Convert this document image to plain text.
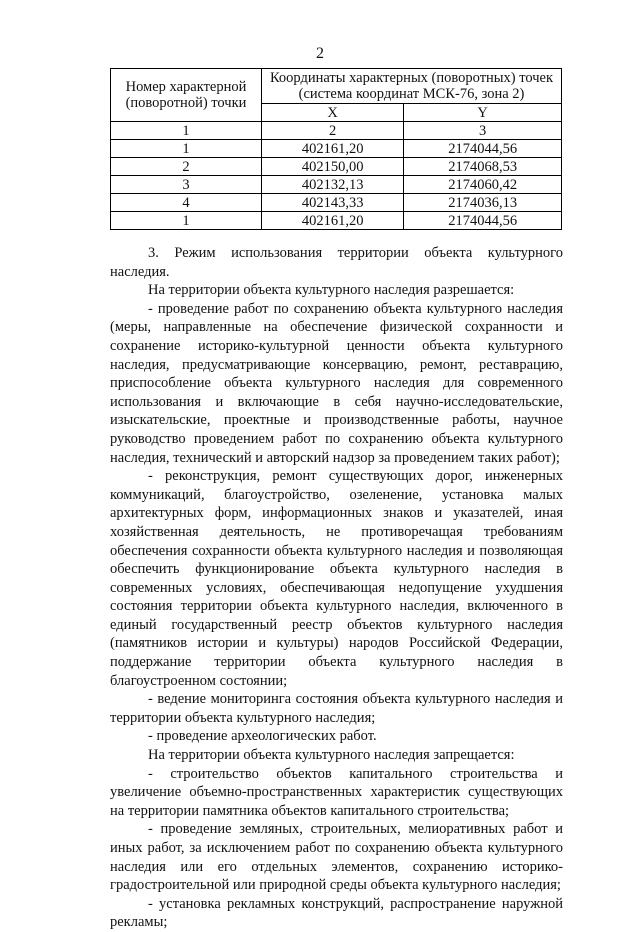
2
Номер характерной (поворотной) точки	Координаты характерных (поворотных) точек (система координат МСК-76, зона 2)	
	X	Y
1	2	3
1	402161,20	2174044,56
2	402150,00	2174068,53
3	402132,13	2174060,42
4	402143,33	2174036,13
1	402161,20	2174044,56

3. Режим использования территории объекта культурного наследия.

На территории объекта культурного наследия разрешается:

- проведение работ по сохранению объекта культурного наследия (меры, направленные на обеспечение физической сохранности и сохранение историко-культурной ценности объекта культурного наследия, предусматривающие консервацию, ремонт, реставрацию, приспособление объекта культурного наследия для современного использования и включающие в себя научно-исследовательские, изыскательские, проектные и производственные работы, научное руководство проведением работ по сохранению объекта культурного наследия, технический и авторский надзор за проведением таких работ);

- реконструкция, ремонт существующих дорог, инженерных коммуникаций, благоустройство, озеленение, установка малых архитектурных форм, информационных знаков и указателей, иная хозяйственная деятельность, не противоречащая требованиям обеспечения сохранности объекта культурного наследия и позволяющая обеспечить функционирование объекта культурного наследия в современных условиях, обеспечивающая недопущение ухудшения состояния территории объекта культурного наследия, включенного в единый государственный реестр объектов культурного наследия (памятников истории и культуры) народов Российской Федерации, поддержание территории объекта культурного наследия в благоустроенном состоянии;

- ведение мониторинга состояния объекта культурного наследия и территории объекта культурного наследия;

- проведение археологических работ.

На территории объекта культурного наследия запрещается:

- строительство объектов капитального строительства и увеличение объемно-пространственных характеристик существующих на территории памятника объектов капитального строительства;

- проведение земляных, строительных, мелиоративных работ и иных работ, за исключением работ по сохранению объекта культурного наследия или его отдельных элементов, сохранению историко-градостроительной или природной среды объекта культурного наследия;

- установка рекламных конструкций, распространение наружной рекламы;
